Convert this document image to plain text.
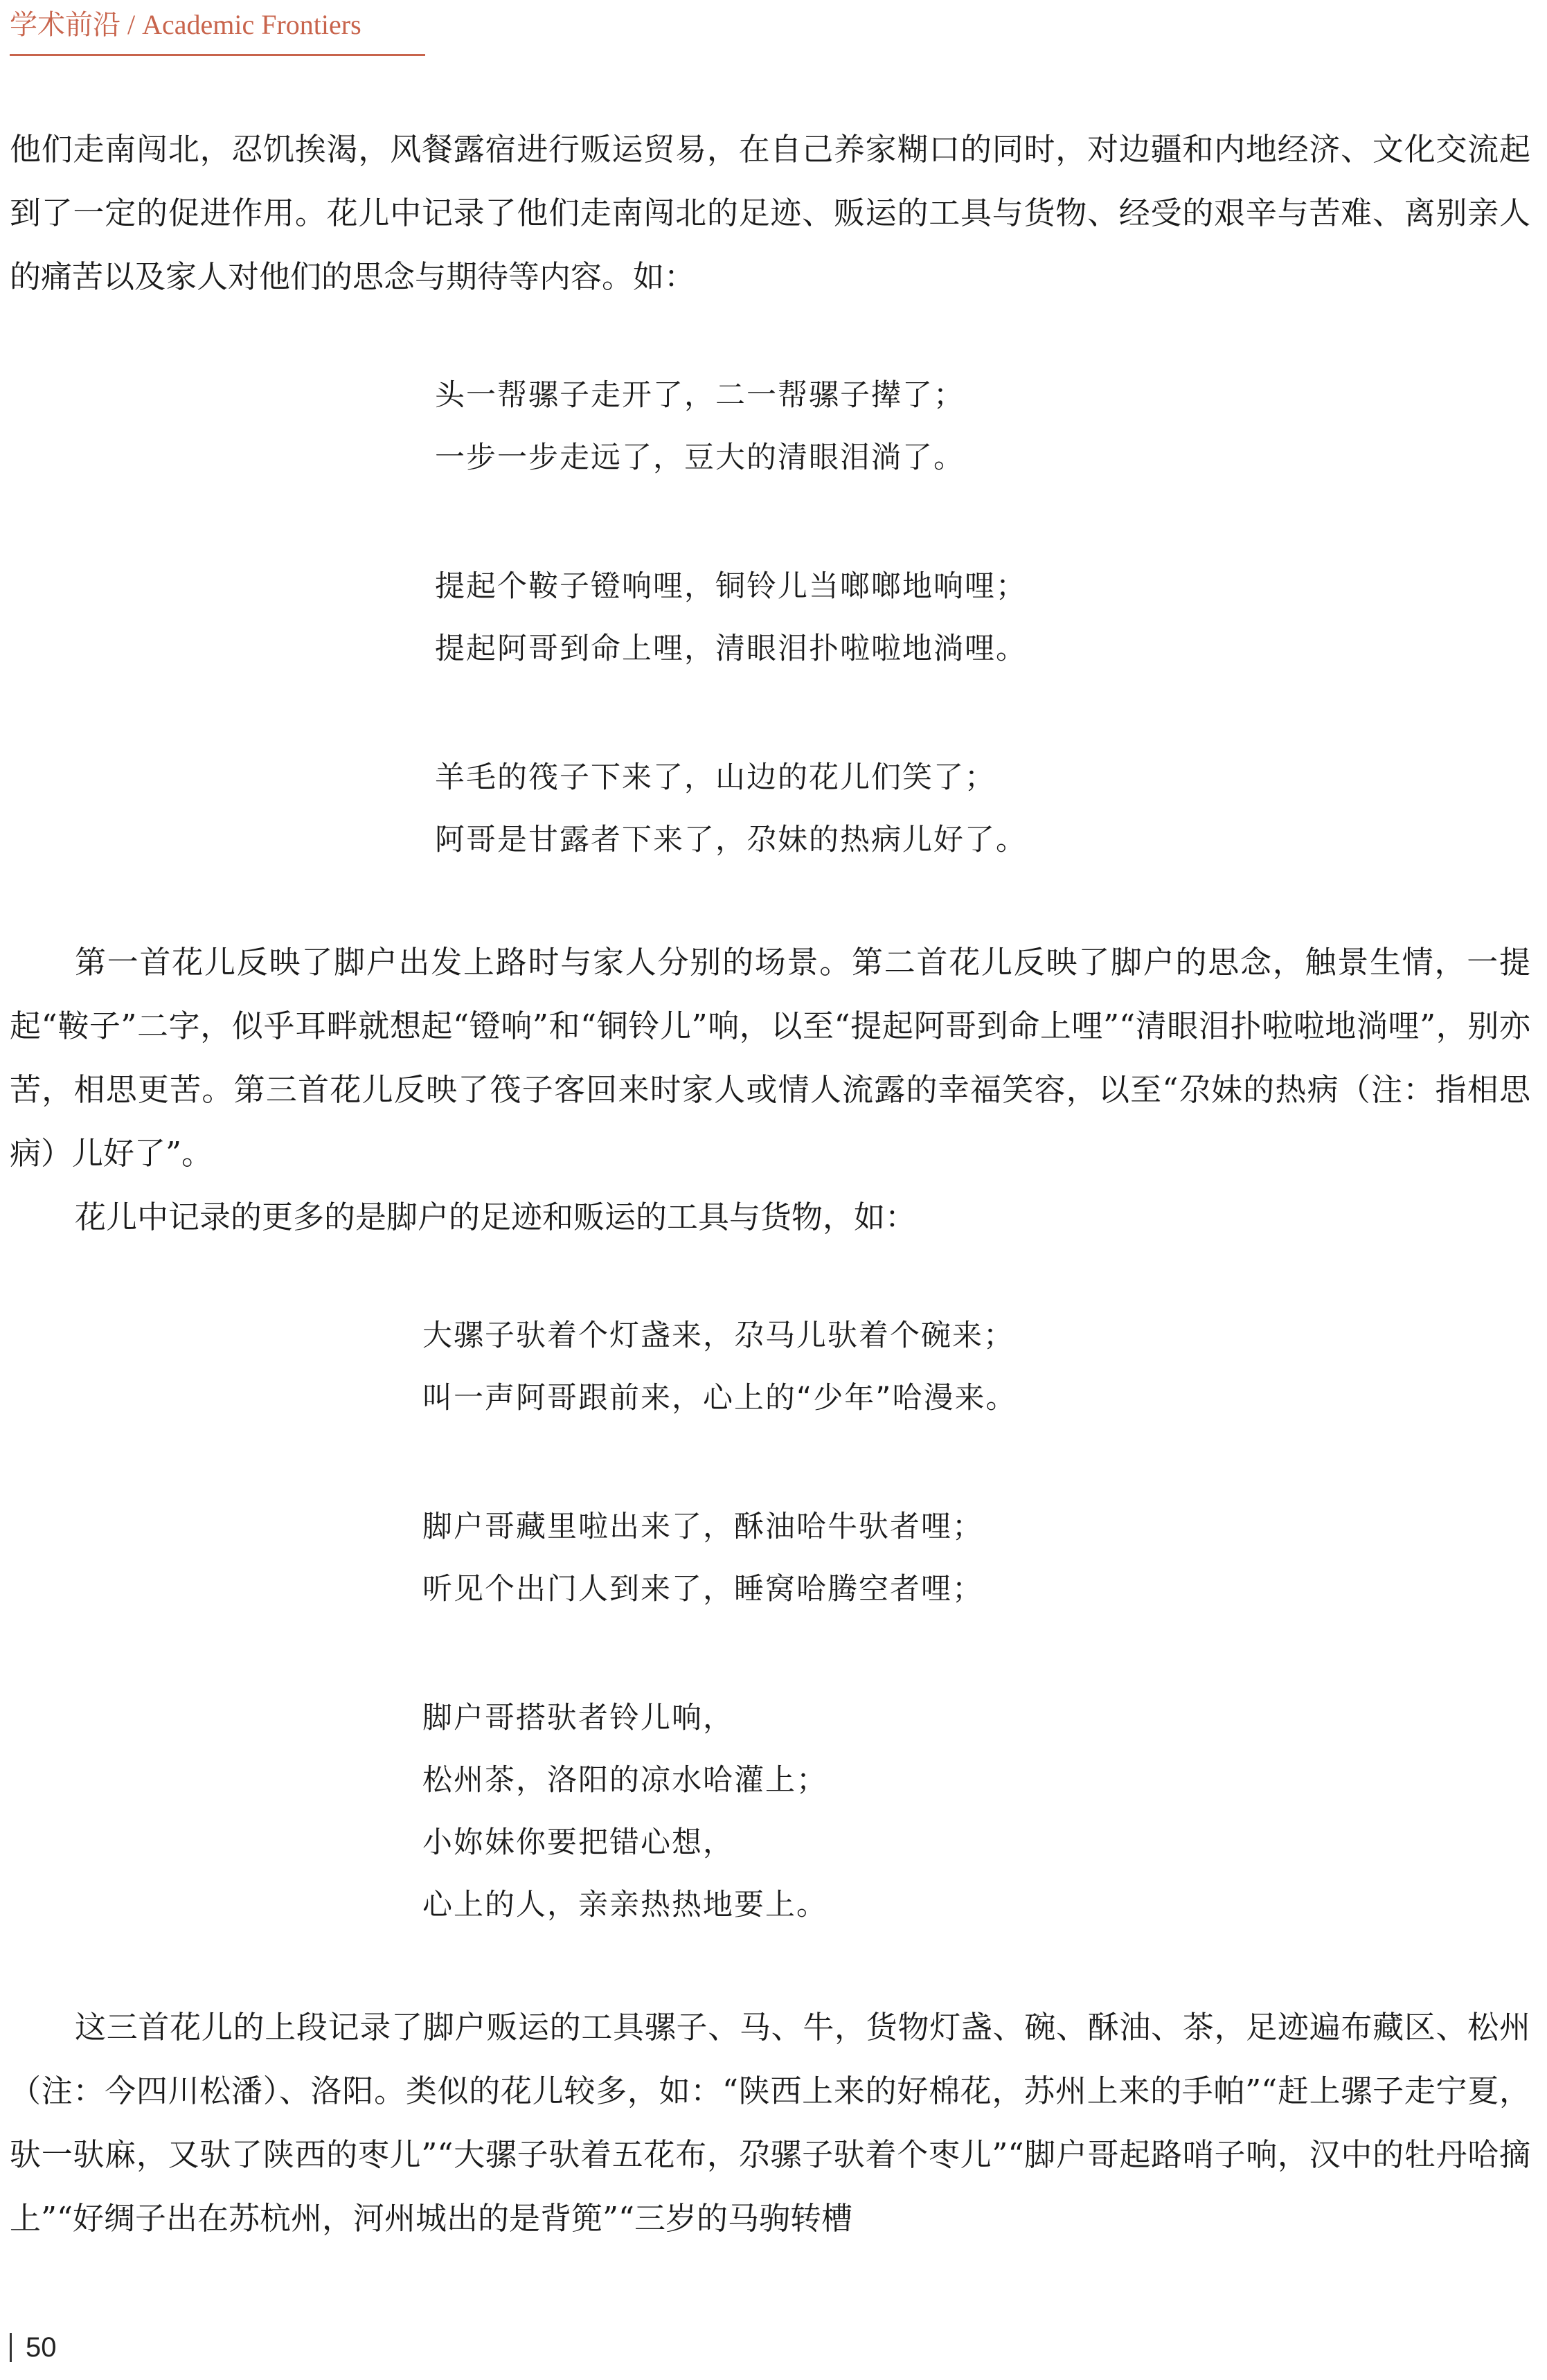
学术前沿 / Academic Frontiers

他们走南闯北，忍饥挨渴，风餐露宿进行贩运贸易，在自己养家糊口的同时，对边疆和内地经济、文化交流起到了一定的促进作用。花儿中记录了他们走南闯北的足迹、贩运的工具与货物、经受的艰辛与苦难、离别亲人的痛苦以及家人对他们的思念与期待等内容。如：

头一帮骡子走开了，二一帮骡子撵了；
一步一步走远了，豆大的清眼泪淌了。
提起个鞍子镫响哩，铜铃儿当啷啷地响哩；
提起阿哥到命上哩，清眼泪扑啦啦地淌哩。
羊毛的筏子下来了，山边的花儿们笑了；
阿哥是甘露者下来了，尕妹的热病儿好了。

第一首花儿反映了脚户出发上路时与家人分别的场景。第二首花儿反映了脚户的思念，触景生情，一提起“鞍子”二字，似乎耳畔就想起“镫响”和“铜铃儿”响，以至“提起阿哥到命上哩”“清眼泪扑啦啦地淌哩”，别亦苦，相思更苦。第三首花儿反映了筏子客回来时家人或情人流露的幸福笑容，以至“尕妹的热病（注：指相思病）儿好了”。

花儿中记录的更多的是脚户的足迹和贩运的工具与货物，如：

大骡子驮着个灯盏来，尕马儿驮着个碗来；
叫一声阿哥跟前来，心上的“少年”哈漫来。
脚户哥藏里啦出来了，酥油哈牛驮者哩；
听见个出门人到来了，睡窝哈腾空者哩；
脚户哥搭驮者铃儿响，
松州茶，洛阳的凉水哈灌上；
小妳妹你要把错心想，
心上的人，亲亲热热地要上。

这三首花儿的上段记录了脚户贩运的工具骡子、马、牛，货物灯盏、碗、酥油、茶，足迹遍布藏区、松州（注：今四川松潘）、洛阳。类似的花儿较多，如：“陕西上来的好棉花，苏州上来的手帕”“赶上骡子走宁夏，驮一驮麻，又驮了陕西的枣儿”“大骡子驮着五花布，尕骡子驮着个枣儿”“脚户哥起路哨子响，汉中的牡丹哈摘上”“好绸子出在苏杭州，河州城出的是背篼”“三岁的马驹转槽

50
